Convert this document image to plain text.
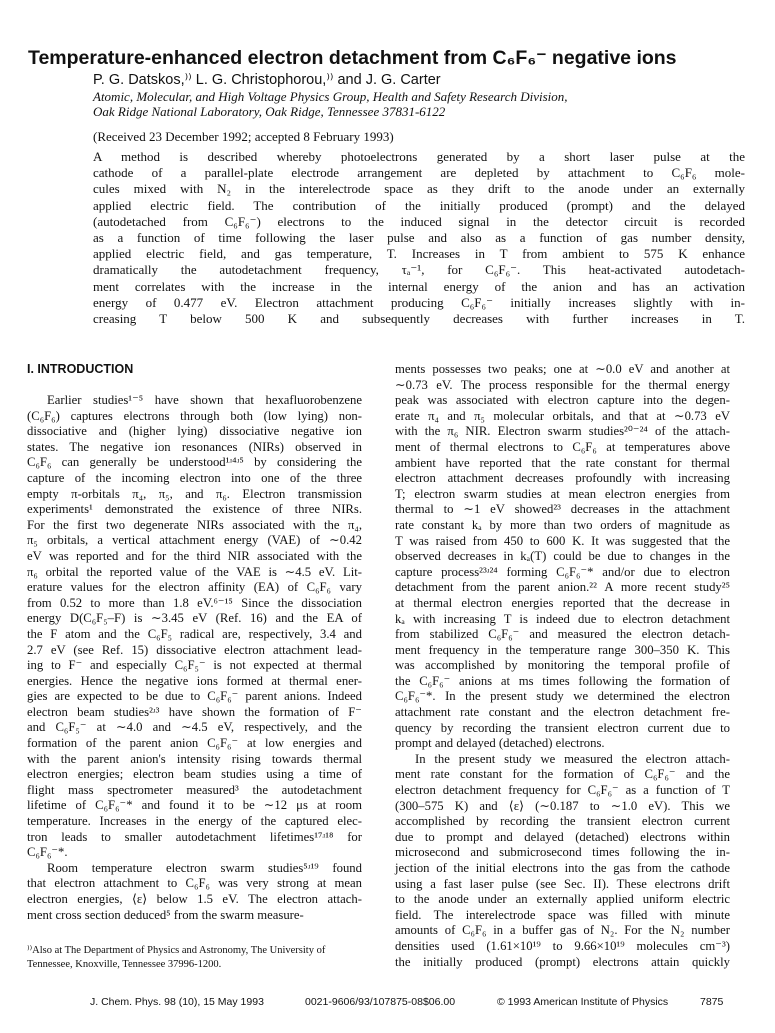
Temperature-enhanced electron detachment from C₆F₆⁻ negative ions
P. G. Datskos,⁾⁾ L. G. Christophorou,⁾⁾ and J. G. Carter
Atomic, Molecular, and High Voltage Physics Group, Health and Safety Research Division,
Oak Ridge National Laboratory, Oak Ridge, Tennessee 37831-6122
(Received 23 December 1992; accepted 8 February 1993)
A method is described whereby photoelectrons generated by a short laser pulse at the
cathode of a parallel-plate electrode arrangement are depleted by attachment to C₆F₆ mole-
cules mixed with N₂ in the interelectrode space as they drift to the anode under an externally
applied electric field. The contribution of the initially produced (prompt) and the delayed
(autodetached from C₆F₆⁻) electrons to the induced signal in the detector circuit is recorded
as a function of time following the laser pulse and also as a function of gas number density,
applied electric field, and gas temperature, T. Increases in T from ambient to 575 K enhance
dramatically the autodetachment frequency, τₐ⁻¹, for C₆F₆⁻. This heat-activated autodetach-
ment correlates with the increase in the internal energy of the anion and has an activation
energy of 0.477 eV. Electron attachment producing C₆F₆⁻ initially increases slightly with in-
creasing T below 500 K and subsequently decreases with further increases in T.
I. INTRODUCTION
Earlier studies¹⁻⁵ have shown that hexafluorobenzene
(C₆F₆) captures electrons through both (low lying) non-
dissociative and (higher lying) dissociative negative ion
states. The negative ion resonances (NIRs) observed in
C₆F₆ can generally be understood¹ʴ⁴ʴ⁵ by considering the
capture of the incoming electron into one of the three
empty π-orbitals π₄, π₅, and π₆. Electron transmission
experiments¹ demonstrated the existence of three NIRs.
For the first two degenerate NIRs associated with the π₄,
π₅ orbitals, a vertical attachment energy (VAE) of ∼0.42
eV was reported and for the third NIR associated with the
π₆ orbital the reported value of the VAE is ∼4.5 eV. Lit-
erature values for the electron affinity (EA) of C₆F₆ vary
from 0.52 to more than 1.8 eV.⁶⁻¹⁵ Since the dissociation
energy D(C₆F₅–F) is ∼3.45 eV (Ref. 16) and the EA of
the F atom and the C₆F₅ radical are, respectively, 3.4 and
2.7 eV (see Ref. 15) dissociative electron attachment lead-
ing to F⁻ and especially C₆F₅⁻ is not expected at thermal
energies. Hence the negative ions formed at thermal ener-
gies are expected to be due to C₆F₆⁻ parent anions. Indeed
electron beam studies²ʴ³ have shown the formation of F⁻
and C₆F₅⁻ at ∼4.0 and ∼4.5 eV, respectively, and the
formation of the parent anion C₆F₆⁻ at low energies and
with the parent anion's intensity rising towards thermal
electron energies; electron beam studies using a time of
flight mass spectrometer measured³ the autodetachment
lifetime of C₆F₆⁻* and found it to be ∼12 μs at room
temperature. Increases in the energy of the captured elec-
tron leads to smaller autodetachment lifetimes¹⁷ʴ¹⁸ for
C₆F₆⁻*.
Room temperature electron swarm studies⁵ʴ¹⁹ found
that electron attachment to C₆F₆ was very strong at mean
electron energies, ⟨ε⟩ below 1.5 eV. The electron attach-
ment cross section deduced⁵ from the swarm measure-
ments possesses two peaks; one at ∼0.0 eV and another at
∼0.73 eV. The process responsible for the thermal energy
peak was associated with electron capture into the degen-
erate π₄ and π₅ molecular orbitals, and that at ∼0.73 eV
with the π₆ NIR. Electron swarm studies²⁰⁻²⁴ of the attach-
ment of thermal electrons to C₆F₆ at temperatures above
ambient have reported that the rate constant for thermal
electron attachment decreases profoundly with increasing
T; electron swarm studies at mean electron energies from
thermal to ∼1 eV showed²³ decreases in the attachment
rate constant kₐ by more than two orders of magnitude as
T was raised from 450 to 600 K. It was suggested that the
observed decreases in kₐ(T) could be due to changes in the
capture process²³ʴ²⁴ forming C₆F₆⁻* and/or due to electron
detachment from the parent anion.²² A more recent study²⁵
at thermal electron energies reported that the decrease in
kₐ with increasing T is indeed due to electron detachment
from stabilized C₆F₆⁻ and measured the electron detach-
ment frequency in the temperature range 300–350 K. This
was accomplished by monitoring the temporal profile of
the C₆F₆⁻ anions at ms times following the formation of
C₆F₆⁻*. In the present study we determined the electron
attachment rate constant and the electron detachment fre-
quency by recording the transient electron current due to
prompt and delayed (detached) electrons.
In the present study we measured the electron attach-
ment rate constant for the formation of C₆F₆⁻ and the
electron detachment frequency for C₆F₆⁻ as a function of T
(300–575 K) and ⟨ε⟩ (∼0.187 to ∼1.0 eV). This we
accomplished by recording the transient electron current
due to prompt and delayed (detached) electrons within
microsecond and submicrosecond times following the in-
jection of the initial electrons into the gas from the cathode
using a fast laser pulse (see Sec. II). These electrons drift
to the anode under an externally applied uniform electric
field. The interelectrode space was filled with minute
amounts of C₆F₆ in a buffer gas of N₂. For the N₂ number
densities used (1.61×10¹⁹ to 9.66×10¹⁹ molecules cm⁻³)
the initially produced (prompt) electrons attain quickly
⁾⁾Also at The Department of Physics and Astronomy, The University of
Tennessee, Knoxville, Tennessee 37996-1200.
J. Chem. Phys. 98 (10), 15 May 1993	0021-9606/93/107875-08$06.00	© 1993 American Institute of Physics	7875
